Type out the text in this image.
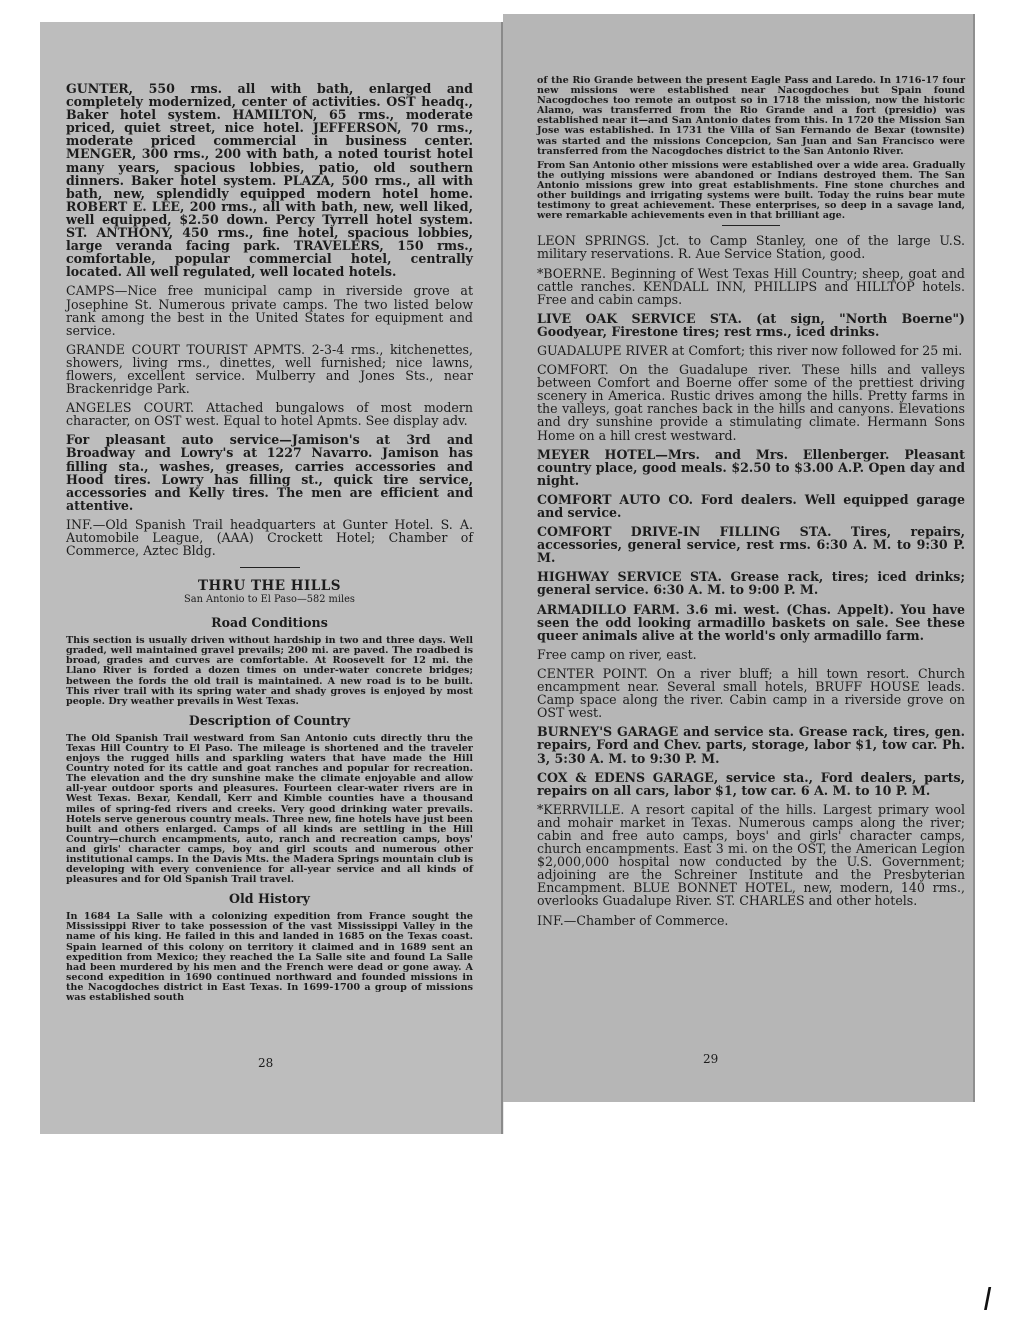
GUNTER, 550 rms. all with bath, enlarged and completely modernized, center of activities. OST headq., Baker hotel system. HAMILTON, 65 rms., moderate priced, quiet street, nice hotel. JEFFERSON, 70 rms., moderate priced commercial in business center. MENGER, 300 rms., 200 with bath, a noted tourist hotel many years, spacious lobbies, patio, old southern dinners. Baker hotel system. PLAZA, 500 rms., all with bath, new, splendidly equipped modern hotel home. ROBERT E. LEE, 200 rms., all with bath, new, well liked, well equipped, $2.50 down. Percy Tyrrell hotel system. ST. ANTHONY, 450 rms., fine hotel, spacious lobbies, large veranda facing park. TRAVELERS, 150 rms., comfortable, popular commercial hotel, centrally located. All well regulated, well located hotels.

CAMPS—Nice free municipal camp in riverside grove at Josephine St. Numerous private camps. The two listed below rank among the best in the United States for equipment and service.

GRANDE COURT TOURIST APMTS. 2-3-4 rms., kitchenettes, showers, living rms., dinettes, well furnished; nice lawns, flowers, excellent service. Mulberry and Jones Sts., near Brackenridge Park.

ANGELES COURT. Attached bungalows of most modern character, on OST west. Equal to hotel Apmts. See display adv.

For pleasant auto service—Jamison's at 3rd and Broadway and Lowry's at 1227 Navarro. Jamison has filling sta., washes, greases, carries accessories and Hood tires. Lowry has filling st., quick tire service, accessories and Kelly tires. The men are efficient and attentive.

INF.—Old Spanish Trail headquarters at Gunter Hotel. S. A. Automobile League, (AAA) Crockett Hotel; Chamber of Commerce, Aztec Bldg.

THRU THE HILLS

San Antonio to El Paso—582 miles

Road Conditions

This section is usually driven without hardship in two and three days. Well graded, well maintained gravel prevails; 200 mi. are paved. The roadbed is broad, grades and curves are comfortable. At Roosevelt for 12 mi. the Llano River is forded a dozen times on under-water concrete bridges; between the fords the old trail is maintained. A new road is to be built. This river trail with its spring water and shady groves is enjoyed by most people. Dry weather prevails in West Texas.

Description of Country

The Old Spanish Trail westward from San Antonio cuts directly thru the Texas Hill Country to El Paso. The mileage is shortened and the traveler enjoys the rugged hills and sparkling waters that have made the Hill Country noted for its cattle and goat ranches and popular for recreation. The elevation and the dry sunshine make the climate enjoyable and allow all-year outdoor sports and pleasures. Fourteen clear-water rivers are in West Texas. Bexar, Kendall, Kerr and Kimble counties have a thousand miles of spring-fed rivers and creeks. Very good drinking water prevails. Hotels serve generous country meals. Three new, fine hotels have just been built and others enlarged. Camps of all kinds are settling in the Hill Country—church encampments, auto, ranch and recreation camps, boys' and girls' character camps, boy and girl scouts and numerous other institutional camps. In the Davis Mts. the Madera Springs mountain club is developing with every convenience for all-year service and all kinds of pleasures and for Old Spanish Trail travel.

Old History

In 1684 La Salle with a colonizing expedition from France sought the Mississippi River to take possession of the vast Mississippi Valley in the name of his king. He failed in this and landed in 1685 on the Texas coast. Spain learned of this colony on territory it claimed and in 1689 sent an expedition from Mexico; they reached the La Salle site and found La Salle had been murdered by his men and the French were dead or gone away. A second expedition in 1690 continued northward and founded missions in the Nacogdoches district in East Texas. In 1699-1700 a group of missions was established south

28

of the Rio Grande between the present Eagle Pass and Laredo. In 1716-17 four new missions were established near Nacogdoches but Spain found Nacogdoches too remote an outpost so in 1718 the mission, now the historic Alamo, was transferred from the Rio Grande and a fort (presidio) was established near it—and San Antonio dates from this. In 1720 the Mission San Jose was established. In 1731 the Villa of San Fernando de Bexar (townsite) was started and the missions Concepcion, San Juan and San Francisco were transferred from the Nacogdoches district to the San Antonio River.

From San Antonio other missions were established over a wide area. Gradually the outlying missions were abandoned or Indians destroyed them. The San Antonio missions grew into great establishments. Fine stone churches and other buildings and irrigating systems were built. Today the ruins bear mute testimony to great achievement. These enterprises, so deep in a savage land, were remarkable achievements even in that brilliant age.

LEON SPRINGS. Jct. to Camp Stanley, one of the large U.S. military reservations. R. Aue Service Station, good.

*BOERNE. Beginning of West Texas Hill Country; sheep, goat and cattle ranches. KENDALL INN, PHILLIPS and HILLTOP hotels. Free and cabin camps.

LIVE OAK SERVICE STA. (at sign, "North Boerne") Goodyear, Firestone tires; rest rms., iced drinks.

GUADALUPE RIVER at Comfort; this river now followed for 25 mi.

COMFORT. On the Guadalupe river. These hills and valleys between Comfort and Boerne offer some of the prettiest driving scenery in America. Rustic drives among the hills. Pretty farms in the valleys, goat ranches back in the hills and canyons. Elevations and dry sunshine provide a stimulating climate. Hermann Sons Home on a hill crest westward.

MEYER HOTEL—Mrs. and Mrs. Ellenberger. Pleasant country place, good meals. $2.50 to $3.00 A.P. Open day and night.

COMFORT AUTO CO. Ford dealers. Well equipped garage and service.

COMFORT DRIVE-IN FILLING STA. Tires, repairs, accessories, general service, rest rms. 6:30 A. M. to 9:30 P. M.

HIGHWAY SERVICE STA. Grease rack, tires; iced drinks; general service. 6:30 A. M. to 9:00 P. M.

ARMADILLO FARM. 3.6 mi. west. (Chas. Appelt). You have seen the odd looking armadillo baskets on sale. See these queer animals alive at the world's only armadillo farm.

Free camp on river, east.

CENTER POINT. On a river bluff; a hill town resort. Church encampment near. Several small hotels, BRUFF HOUSE leads. Camp space along the river. Cabin camp in a riverside grove on OST west.

BURNEY'S GARAGE and service sta. Grease rack, tires, gen. repairs, Ford and Chev. parts, storage, labor $1, tow car. Ph. 3, 5:30 A. M. to 9:30 P. M.

COX & EDENS GARAGE, service sta., Ford dealers, parts, repairs on all cars, labor $1, tow car. 6 A. M. to 10 P. M.

*KERRVILLE. A resort capital of the hills. Largest primary wool and mohair market in Texas. Numerous camps along the river; cabin and free auto camps, boys' and girls' character camps, church encampments. East 3 mi. on the OST, the American Legion $2,000,000 hospital now conducted by the U.S. Government; adjoining are the Schreiner Institute and the Presbyterian Encampment. BLUE BONNET HOTEL, new, modern, 140 rms., overlooks Guadalupe River. ST. CHARLES and other hotels.

INF.—Chamber of Commerce.

29
l
